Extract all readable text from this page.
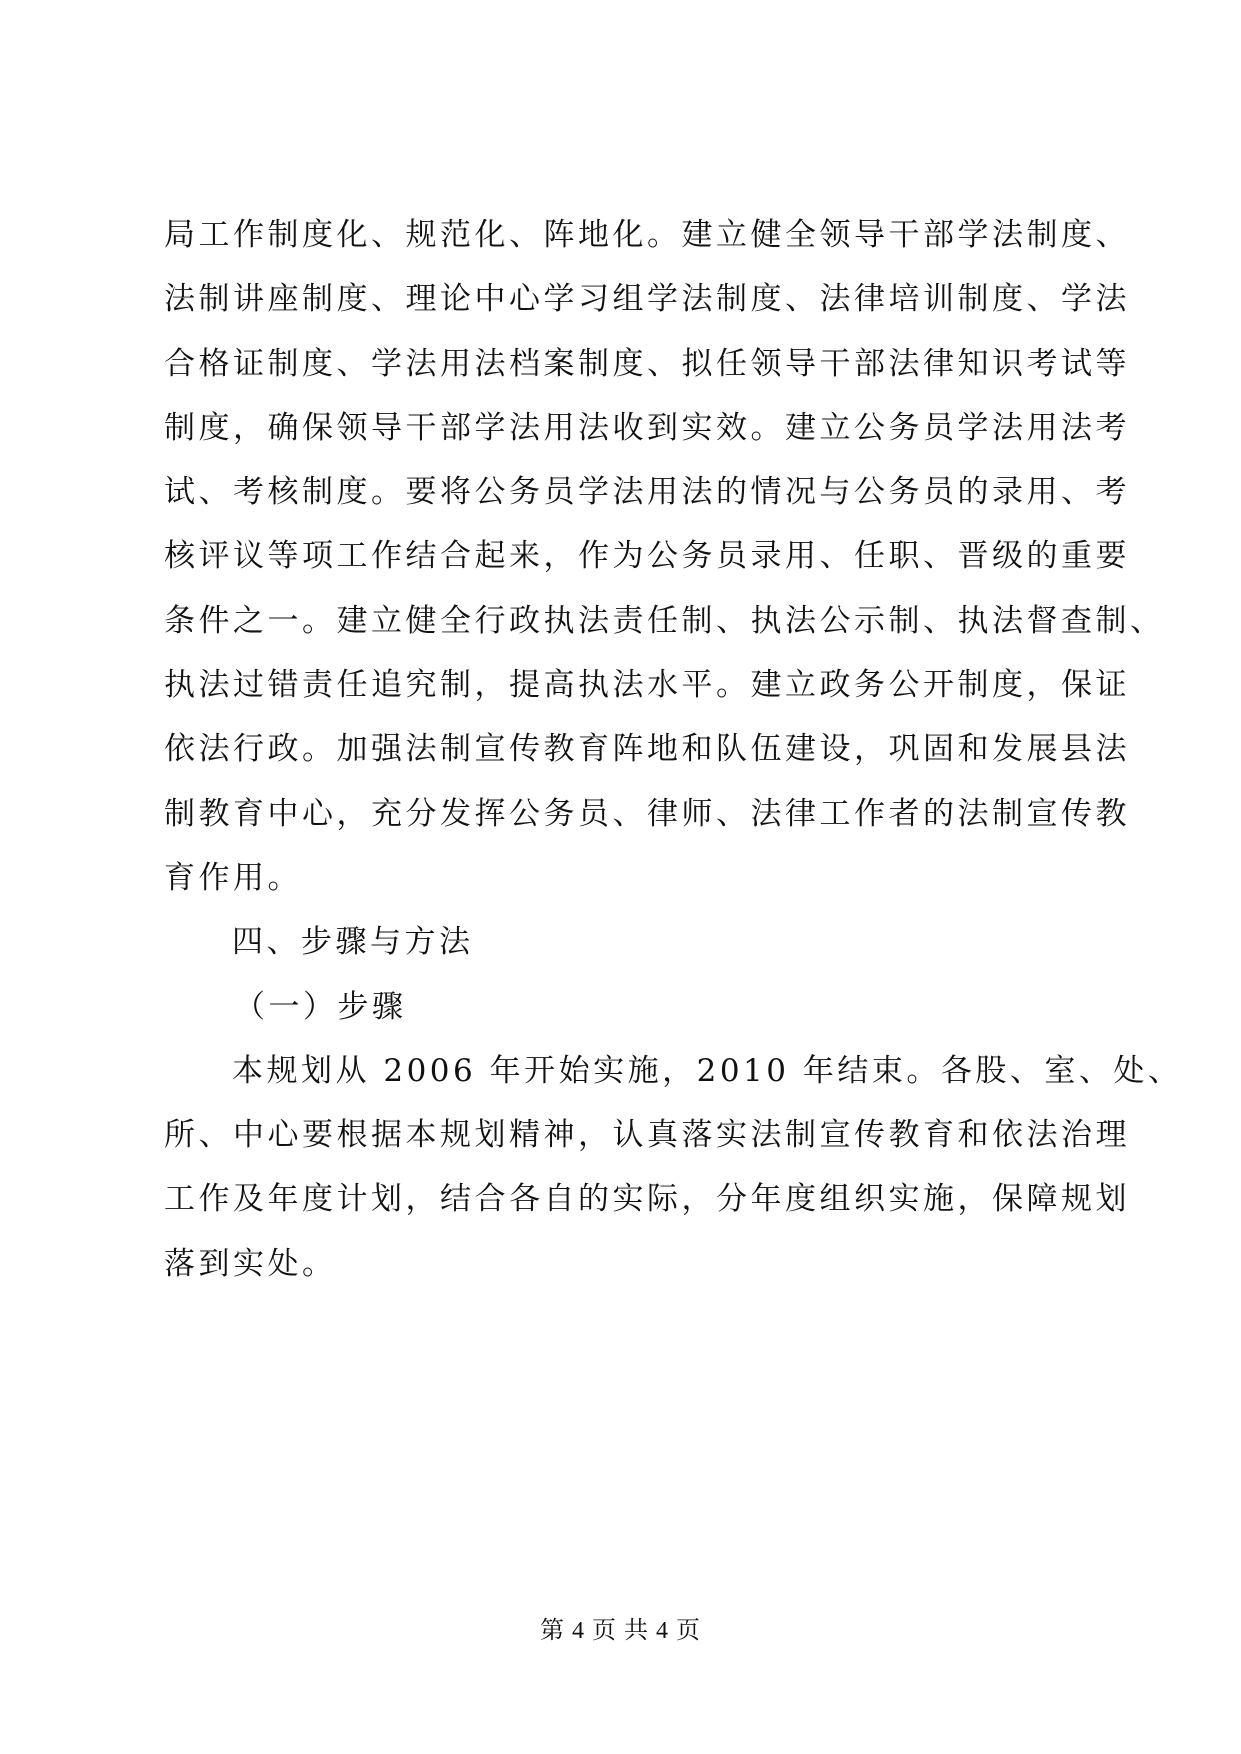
局工作制度化、规范化、阵地化。建立健全领导干部学法制度、
法制讲座制度、理论中心学习组学法制度、法律培训制度、学法
合格证制度、学法用法档案制度、拟任领导干部法律知识考试等
制度，确保领导干部学法用法收到实效。建立公务员学法用法考
试、考核制度。要将公务员学法用法的情况与公务员的录用、考
核评议等项工作结合起来，作为公务员录用、任职、晋级的重要
条件之一。建立健全行政执法责任制、执法公示制、执法督查制、
执法过错责任追究制，提高执法水平。建立政务公开制度，保证
依法行政。加强法制宣传教育阵地和队伍建设，巩固和发展县法
制教育中心，充分发挥公务员、律师、法律工作者的法制宣传教
育作用。
四、步骤与方法
（一）步骤
本规划从 2006 年开始实施，2010 年结束。各股、室、处、
所、中心要根据本规划精神，认真落实法制宣传教育和依法治理
工作及年度计划，结合各自的实际，分年度组织实施，保障规划
落到实处。
第 4 页 共 4 页
